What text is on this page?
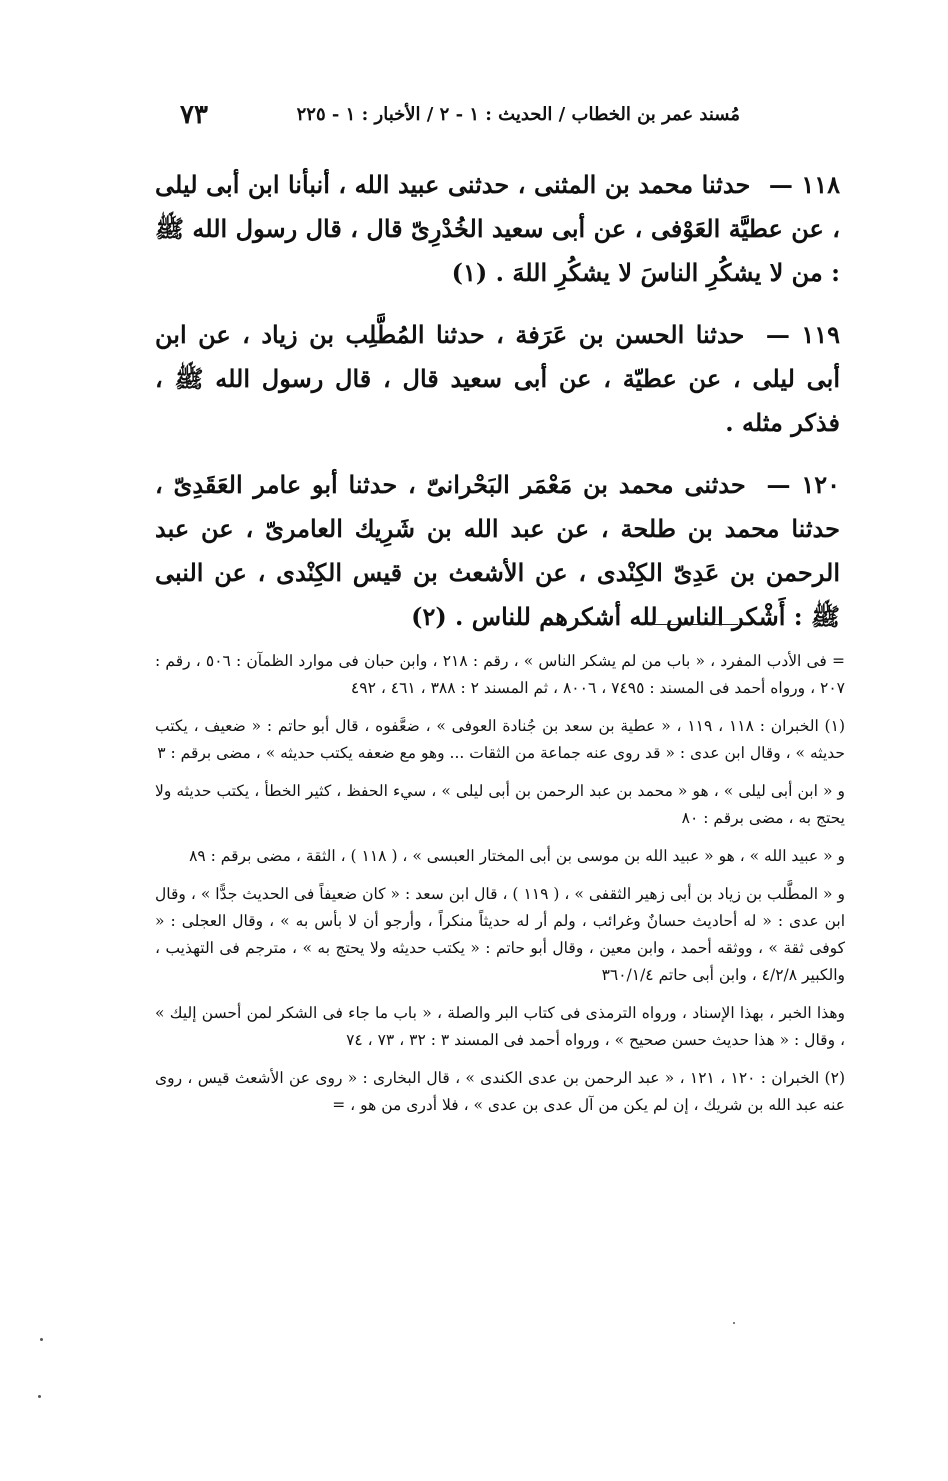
مُسند عمر بن الخطاب / الحديث : ١ - ٢ / الأخبار : ١ - ٢٢٥
٧٣

١١٨ — حدثنا محمد بن المثنى ، حدثنى عبيد الله ، أنبأنا ابن أبى ليلى ، عن عطيَّة العَوْفى ، عن أبى سعيد الخُدْرِىّ قال ، قال رسول الله ﷺ : من لا يشكُرِ الناسَ لا يشكُرِ اللهَ . (١)

١١٩ — حدثنا الحسن بن عَرَفة ، حدثنا المُطَّلِب بن زياد ، عن ابن أبى ليلى ، عن عطيّة ، عن أبى سعيد قال ، قال رسول الله ﷺ ، فذكر مثله .

١٢٠ — حدثنى محمد بن مَعْمَر البَحْرانىّ ، حدثنا أبو عامر العَقَدِىّ ، حدثنا محمد بن طلحة ، عن عبد الله بن شَرِيك العامرىّ ، عن عبد الرحمن بن عَدِىّ الكِنْدى ، عن الأشعث بن قيس الكِنْدى ، عن النبى ﷺ : أَشْكر الناس لله أشكرهم للناس . (٢)

= فى الأدب المفرد ، « باب من لم يشكر الناس » ، رقم : ٢١٨ ، وابن حبان فى موارد الظمآن : ٥٠٦ ، رقم : ٢٠٧ ، ورواه أحمد فى المسند : ٧٤٩٥ ، ٨٠٠٦ ، ثم المسند ٢ : ٣٨٨ ، ٤٦١ ، ٤٩٢

(١) الخبران : ١١٨ ، ١١٩ ، « عطية بن سعد بن جُنادة العوفى » ، ضعَّفوه ، قال أبو حاتم : « ضعيف ، يكتب حديثه » ، وقال ابن عدى : « قد روى عنه جماعة من الثقات ... وهو مع ضعفه يكتب حديثه » ، مضى برقم : ٣

و « ابن أبى ليلى » ، هو « محمد بن عبد الرحمن بن أبى ليلى » ، سيء الحفظ ، كثير الخطأ ، يكتب حديثه ولا يحتج به ، مضى برقم : ٨٠

و « عبيد الله » ، هو « عبيد الله بن موسى بن أبى المختار العبسى » ، ( ١١٨ ) ، الثقة ، مضى برقم : ٨٩

و « المطَّلب بن زياد بن أبى زهير الثقفى » ، ( ١١٩ ) ، قال ابن سعد : « كان ضعيفاً فى الحديث جدًّا » ، وقال ابن عدى : « له أحاديث حسانٌ وغرائب ، ولم أر له حديثاً منكراً ، وأرجو أن لا بأس به » ، وقال العجلى : « كوفى ثقة » ، ووثقه أحمد ، وابن معين ، وقال أبو حاتم : « يكتب حديثه ولا يحتج به » ، مترجم فى التهذيب ، والكبير ٤/٢/٨ ، وابن أبى حاتم ٣٦٠/١/٤

وهذا الخبر ، بهذا الإسناد ، ورواه الترمذى فى كتاب البر والصلة ، « باب ما جاء فى الشكر لمن أحسن إليك » ، وقال : « هذا حديث حسن صحيح » ، ورواه أحمد فى المسند ٣ : ٣٢ ، ٧٣ ، ٧٤

(٢) الخبران : ١٢٠ ، ١٢١ ، « عبد الرحمن بن عدى الكندى » ، قال البخارى : « روى عن الأشعث قيس ، روى عنه عبد الله بن شريك ، إن لم يكن من آل عدى بن عدى » ، فلا أدرى من هو ، =
